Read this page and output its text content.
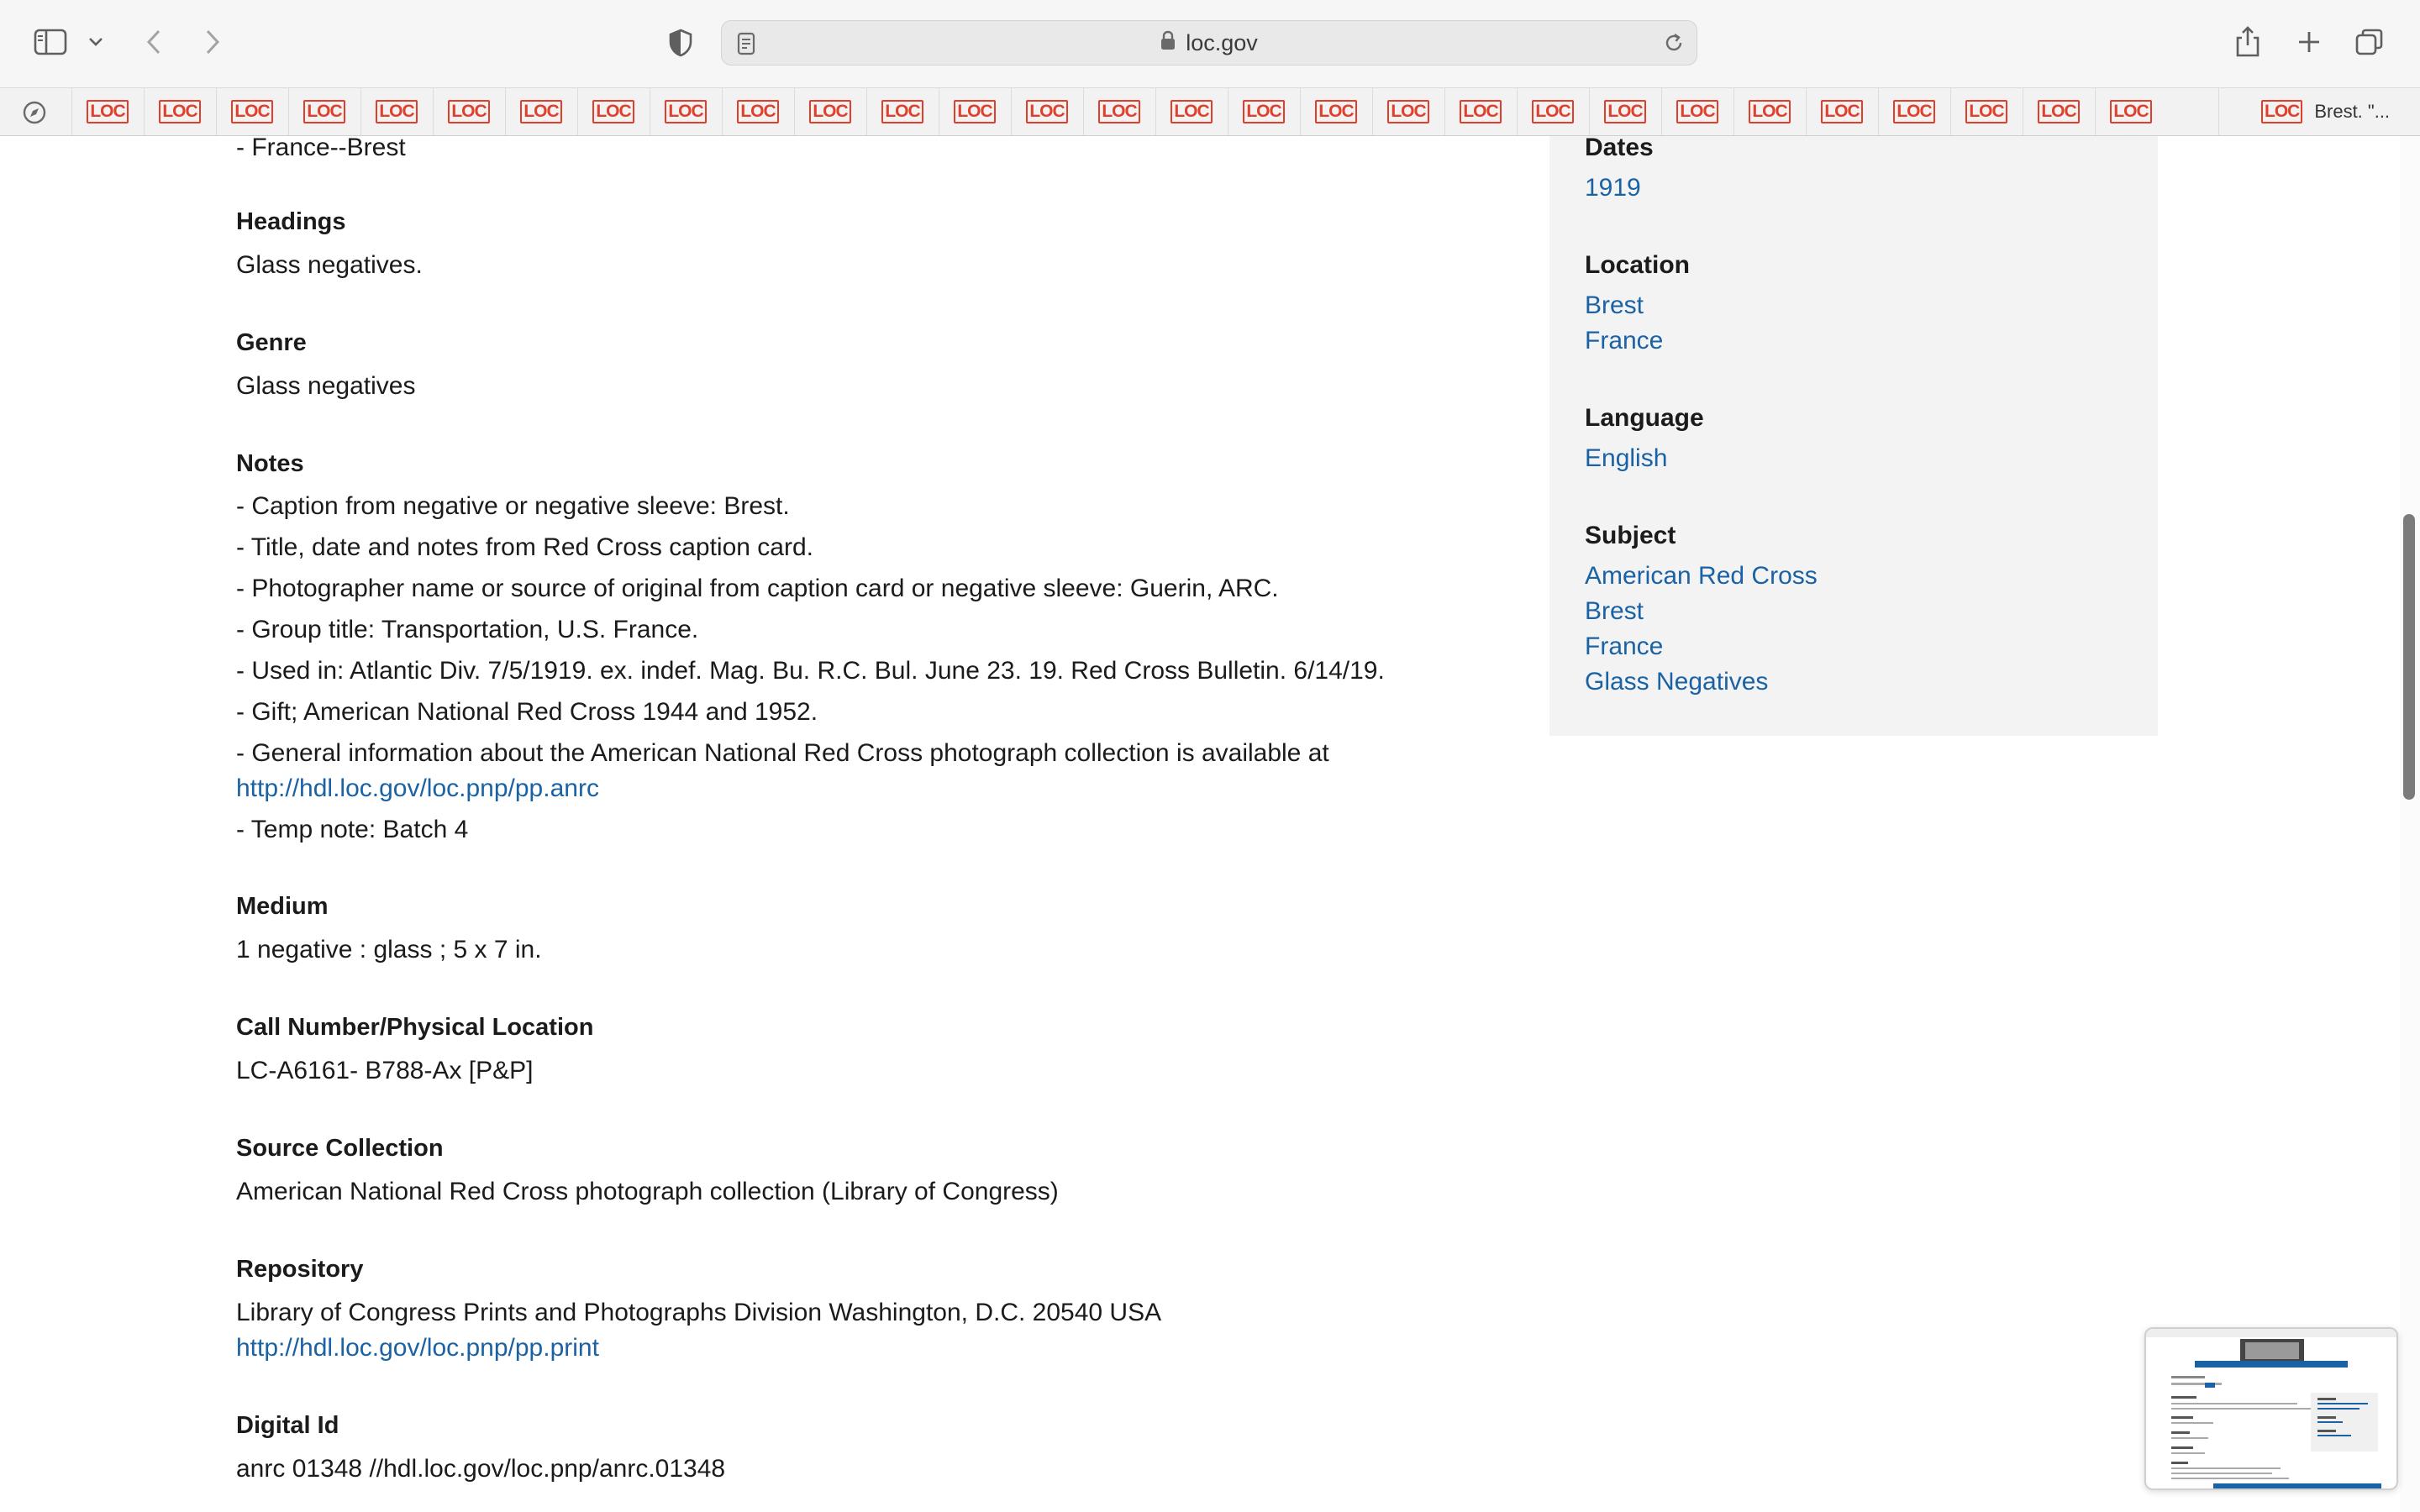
loc.gov
LOC LOC LOC LOC LOC LOC LOC LOC LOC LOC LOC LOC LOC LOC LOC LOC LOC LOC LOC LOC LOC LOC LOC LOC LOC LOC LOC LOC LOC	LOC Brest. "...
- France--Brest
Headings
Glass negatives.
Genre
Glass negatives
Notes
- Caption from negative or negative sleeve: Brest.
- Title, date and notes from Red Cross caption card.
- Photographer name or source of original from caption card or negative sleeve: Guerin, ARC.
- Group title: Transportation, U.S. France.
- Used in: Atlantic Div. 7/5/1919. ex. indef. Mag. Bu. R.C. Bul. June 23. 19. Red Cross Bulletin. 6/14/19.
- Gift; American National Red Cross 1944 and 1952.
- General information about the American National Red Cross photograph collection is available at
http://hdl.loc.gov/loc.pnp/pp.anrc
- Temp note: Batch 4
Medium
1 negative : glass ; 5 x 7 in.
Call Number/Physical Location
LC-A6161- B788-Ax [P&P]
Source Collection
American National Red Cross photograph collection (Library of Congress)
Repository
Library of Congress Prints and Photographs Division Washington, D.C. 20540 USA
http://hdl.loc.gov/loc.pnp/pp.print
Digital Id
anrc 01348 //hdl.loc.gov/loc.pnp/anrc.01348
Dates
1919
Location
Brest
France
Language
English
Subject
American Red Cross
Brest
France
Glass Negatives
